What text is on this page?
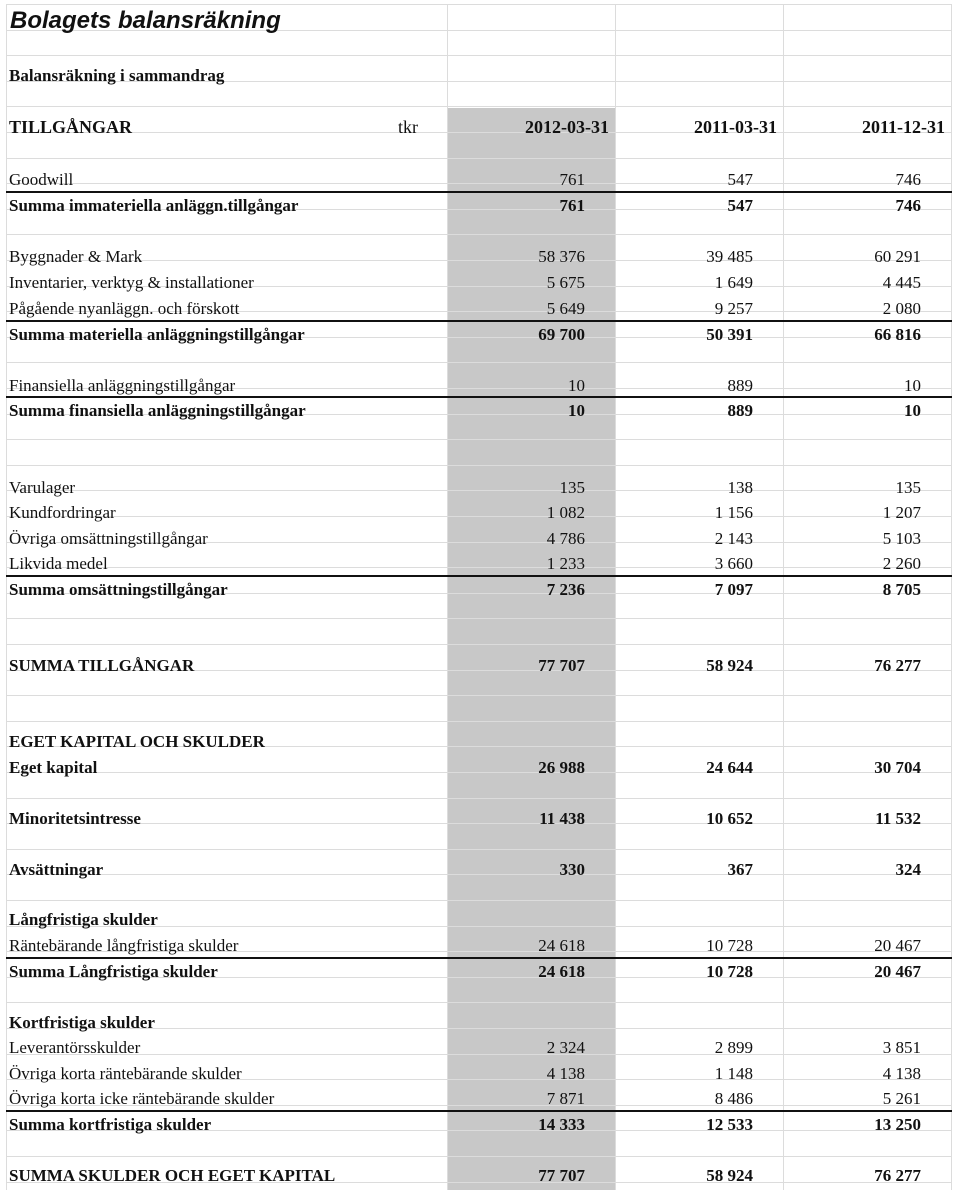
Bolagets balansräkning
Balansräkning i sammandrag
TILLGÅNGAR	tkr	2012-03-31	2011-03-31	2011-12-31
Goodwill	761	547	746
Summa immateriella anläggn.tillgångar	761	547	746
Byggnader & Mark	58 376	39 485	60 291
Inventarier, verktyg & installationer	5 675	1 649	4 445
Pågående nyanläggn. och förskott	5 649	9 257	2 080
Summa materiella anläggningstillgångar	69 700	50 391	66 816
Finansiella anläggningstillgångar	10	889	10
Summa finansiella anläggningstillgångar	10	889	10
Varulager	135	138	135
Kundfordringar	1 082	1 156	1 207
Övriga omsättningstillgångar	4 786	2 143	5 103
Likvida medel	1 233	3 660	2 260
Summa omsättningstillgångar	7 236	7 097	8 705
SUMMA TILLGÅNGAR	77 707	58 924	76 277
EGET KAPITAL OCH SKULDER
Eget kapital	26 988	24 644	30 704
Minoritetsintresse	11 438	10 652	11 532
Avsättningar	330	367	324
Långfristiga skulder
Räntebärande långfristiga skulder	24 618	10 728	20 467
Summa Långfristiga skulder	24 618	10 728	20 467
Kortfristiga skulder
Leverantörsskulder	2 324	2 899	3 851
Övriga korta räntebärande skulder	4 138	1 148	4 138
Övriga korta icke räntebärande skulder	7 871	8 486	5 261
Summa kortfristiga skulder	14 333	12 533	13 250
SUMMA SKULDER OCH EGET KAPITAL	77 707	58 924	76 277
